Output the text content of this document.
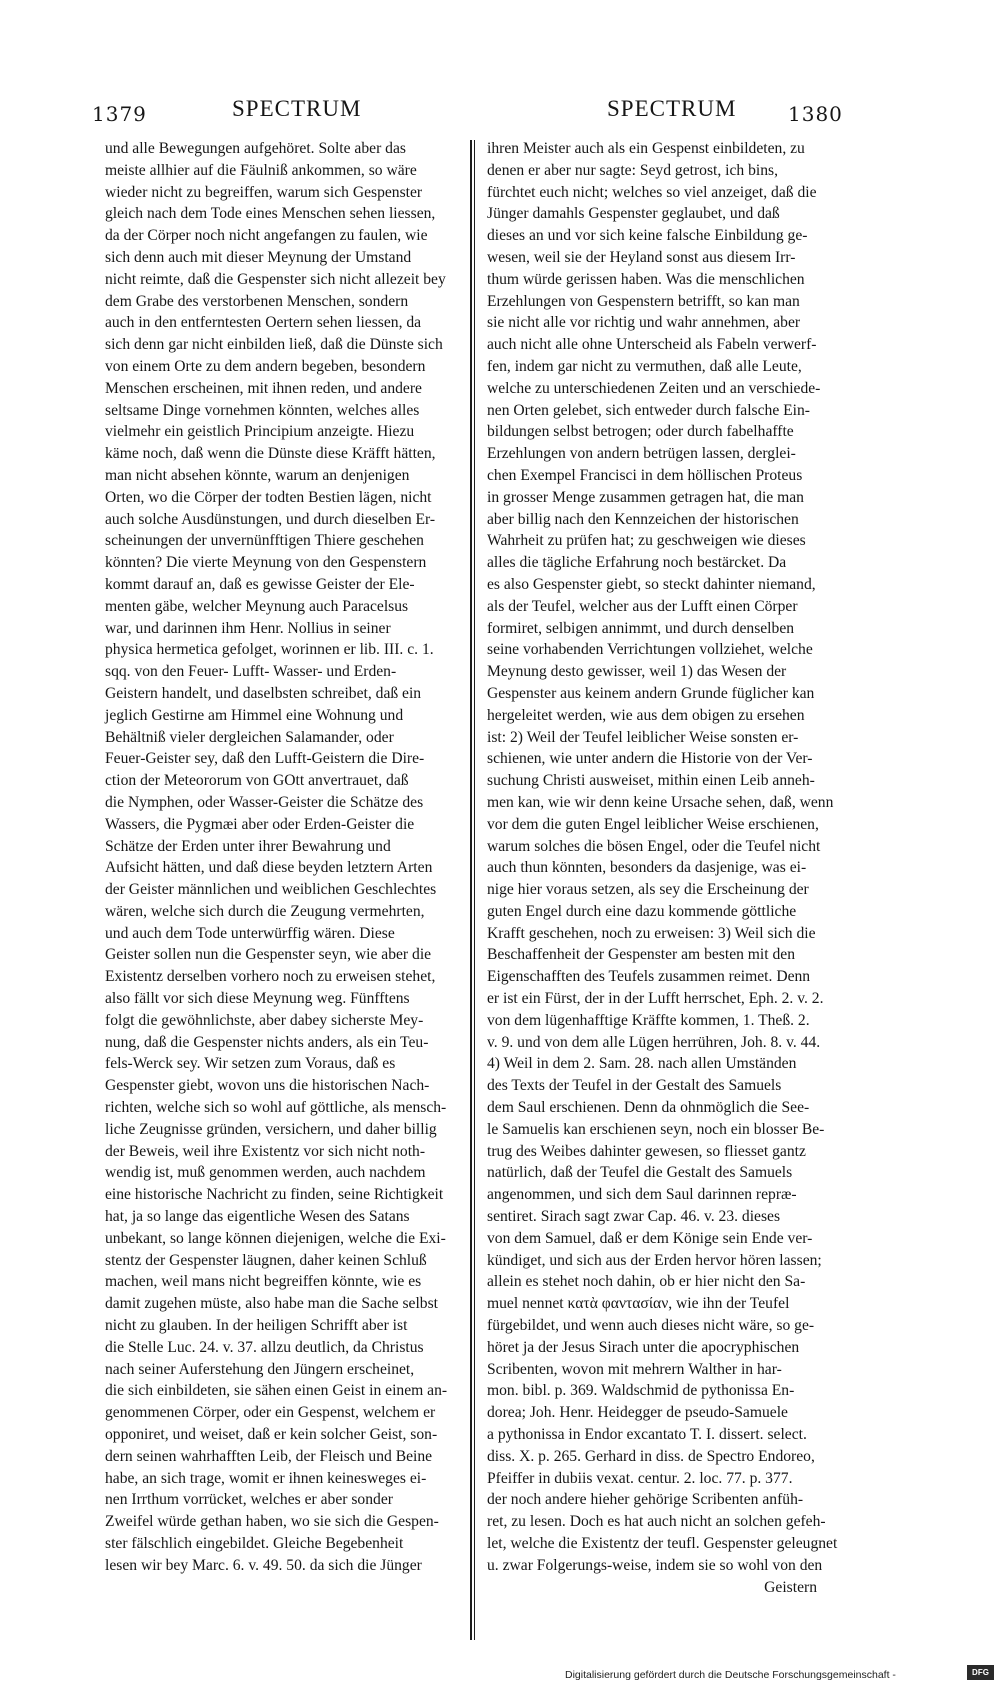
1379	SPECTRUM	SPECTRUM	1380

und alle Bewegungen aufgehöret. Solte aber das

meiste allhier auf die Fäulniß ankommen, so wäre

wieder nicht zu begreiffen, warum sich Gespenster

gleich nach dem Tode eines Menschen sehen liessen,

da der Cörper noch nicht angefangen zu faulen, wie

sich denn auch mit dieser Meynung der Umstand

nicht reimte, daß die Gespenster sich nicht allezeit bey

dem Grabe des verstorbenen Menschen, sondern

auch in den entferntesten Oertern sehen liessen, da

sich denn gar nicht einbilden ließ, daß die Dünste sich

von einem Orte zu dem andern begeben, besondern

Menschen erscheinen, mit ihnen reden, und andere

seltsame Dinge vornehmen könnten, welches alles

vielmehr ein geistlich Principium anzeigte. Hiezu

käme noch, daß wenn die Dünste diese Kräfft hätten,

man nicht absehen könnte, warum an denjenigen

Orten, wo die Cörper der todten Bestien lägen, nicht

auch solche Ausdünstungen, und durch dieselben Er-

scheinungen der unvernünfftigen Thiere geschehen

könnten? Die vierte Meynung von den Gespenstern

kommt darauf an, daß es gewisse Geister der Ele-

menten gäbe, welcher Meynung auch Paracelsus

war, und darinnen ihm Henr. Nollius in seiner

physica hermetica gefolget, worinnen er lib. III. c. 1.

sqq. von den Feuer- Lufft- Wasser- und Erden-

Geistern handelt, und daselbsten schreibet, daß ein

jeglich Gestirne am Himmel eine Wohnung und

Behältniß vieler dergleichen Salamander, oder

Feuer-Geister sey, daß den Lufft-Geistern die Dire-

ction der Meteororum von GOtt anvertrauet, daß

die Nymphen, oder Wasser-Geister die Schätze des

Wassers, die Pygmæi aber oder Erden-Geister die

Schätze der Erden unter ihrer Bewahrung und

Aufsicht hätten, und daß diese beyden letztern Arten

der Geister männlichen und weiblichen Geschlechtes

wären, welche sich durch die Zeugung vermehrten,

und auch dem Tode unterwürffig wären. Diese

Geister sollen nun die Gespenster seyn, wie aber die

Existentz derselben vorhero noch zu erweisen stehet,

also fällt vor sich diese Meynung weg. Fünfftens

folgt die gewöhnlichste, aber dabey sicherste Mey-

nung, daß die Gespenster nichts anders, als ein Teu-

fels-Werck sey. Wir setzen zum Voraus, daß es

Gespenster giebt, wovon uns die historischen Nach-

richten, welche sich so wohl auf göttliche, als mensch-

liche Zeugnisse gründen, versichern, und daher billig

der Beweis, weil ihre Existentz vor sich nicht noth-

wendig ist, muß genommen werden, auch nachdem

eine historische Nachricht zu finden, seine Richtigkeit

hat, ja so lange das eigentliche Wesen des Satans

unbekant, so lange können diejenigen, welche die Exi-

stentz der Gespenster läugnen, daher keinen Schluß

machen, weil mans nicht begreiffen könnte, wie es

damit zugehen müste, also habe man die Sache selbst

nicht zu glauben. In der heiligen Schrifft aber ist

die Stelle Luc. 24. v. 37. allzu deutlich, da Christus

nach seiner Auferstehung den Jüngern erscheinet,

die sich einbildeten, sie sähen einen Geist in einem an-

genommenen Cörper, oder ein Gespenst, welchem er

opponiret, und weiset, daß er kein solcher Geist, son-

dern seinen wahrhafften Leib, der Fleisch und Beine

habe, an sich trage, womit er ihnen keinesweges ei-

nen Irrthum vorrücket, welches er aber sonder

Zweifel würde gethan haben, wo sie sich die Gespen-

ster fälschlich eingebildet. Gleiche Begebenheit

lesen wir bey Marc. 6. v. 49. 50. da sich die Jünger

ihren Meister auch als ein Gespenst einbildeten, zu

denen er aber nur sagte: Seyd getrost, ich bins,

fürchtet euch nicht; welches so viel anzeiget, daß die

Jünger damahls Gespenster geglaubet, und daß

dieses an und vor sich keine falsche Einbildung ge-

wesen, weil sie der Heyland sonst aus diesem Irr-

thum würde gerissen haben. Was die menschlichen

Erzehlungen von Gespenstern betrifft, so kan man

sie nicht alle vor richtig und wahr annehmen, aber

auch nicht alle ohne Unterscheid als Fabeln verwerf-

fen, indem gar nicht zu vermuthen, daß alle Leute,

welche zu unterschiedenen Zeiten und an verschiede-

nen Orten gelebet, sich entweder durch falsche Ein-

bildungen selbst betrogen; oder durch fabelhaffte

Erzehlungen von andern betrügen lassen, derglei-

chen Exempel Francisci in dem höllischen Proteus

in grosser Menge zusammen getragen hat, die man

aber billig nach den Kennzeichen der historischen

Wahrheit zu prüfen hat; zu geschweigen wie dieses

alles die tägliche Erfahrung noch bestärcket. Da

es also Gespenster giebt, so steckt dahinter niemand,

als der Teufel, welcher aus der Lufft einen Cörper

formiret, selbigen annimmt, und durch denselben

seine vorhabenden Verrichtungen vollziehet, welche

Meynung desto gewisser, weil 1) das Wesen der

Gespenster aus keinem andern Grunde füglicher kan

hergeleitet werden, wie aus dem obigen zu ersehen

ist: 2) Weil der Teufel leiblicher Weise sonsten er-

schienen, wie unter andern die Historie von der Ver-

suchung Christi ausweiset, mithin einen Leib anneh-

men kan, wie wir denn keine Ursache sehen, daß, wenn

vor dem die guten Engel leiblicher Weise erschienen,

warum solches die bösen Engel, oder die Teufel nicht

auch thun könnten, besonders da dasjenige, was ei-

nige hier voraus setzen, als sey die Erscheinung der

guten Engel durch eine dazu kommende göttliche

Krafft geschehen, noch zu erweisen: 3) Weil sich die

Beschaffenheit der Gespenster am besten mit den

Eigenschafften des Teufels zusammen reimet. Denn

er ist ein Fürst, der in der Lufft herrschet, Eph. 2. v. 2.

von dem lügenhafftige Kräffte kommen, 1. Theß. 2.

v. 9. und von dem alle Lügen herrühren, Joh. 8. v. 44.

4) Weil in dem 2. Sam. 28. nach allen Umständen

des Texts der Teufel in der Gestalt des Samuels

dem Saul erschienen. Denn da ohnmöglich die See-

le Samuelis kan erschienen seyn, noch ein blosser Be-

trug des Weibes dahinter gewesen, so fliesset gantz

natürlich, daß der Teufel die Gestalt des Samuels

angenommen, und sich dem Saul darinnen repræ-

sentiret. Sirach sagt zwar Cap. 46. v. 23. dieses

von dem Samuel, daß er dem Könige sein Ende ver-

kündiget, und sich aus der Erden hervor hören lassen;

allein es stehet noch dahin, ob er hier nicht den Sa-

muel nennet κατὰ φαντασίαν, wie ihn der Teufel

fürgebildet, und wenn auch dieses nicht wäre, so ge-

höret ja der Jesus Sirach unter die apocryphischen

Scribenten, wovon mit mehrern Walther in har-

mon. bibl. p. 369. Waldschmid de pythonissa En-

dorea; Joh. Henr. Heidegger de pseudo-Samuele

a pythonissa in Endor excantato T. I. dissert. select.

diss. X. p. 265. Gerhard in diss. de Spectro Endoreo,

Pfeiffer in dubiis vexat. centur. 2. loc. 77. p. 377.

der noch andere hieher gehörige Scribenten anfüh-

ret, zu lesen. Doch es hat auch nicht an solchen gefeh-

let, welche die Existentz der teufl. Gespenster geleugnet

u. zwar Folgerungs-weise, indem sie so wohl von den

Geistern

Digitalisierung gefördert durch die Deutsche Forschungsgemeinschaft -	DFG
